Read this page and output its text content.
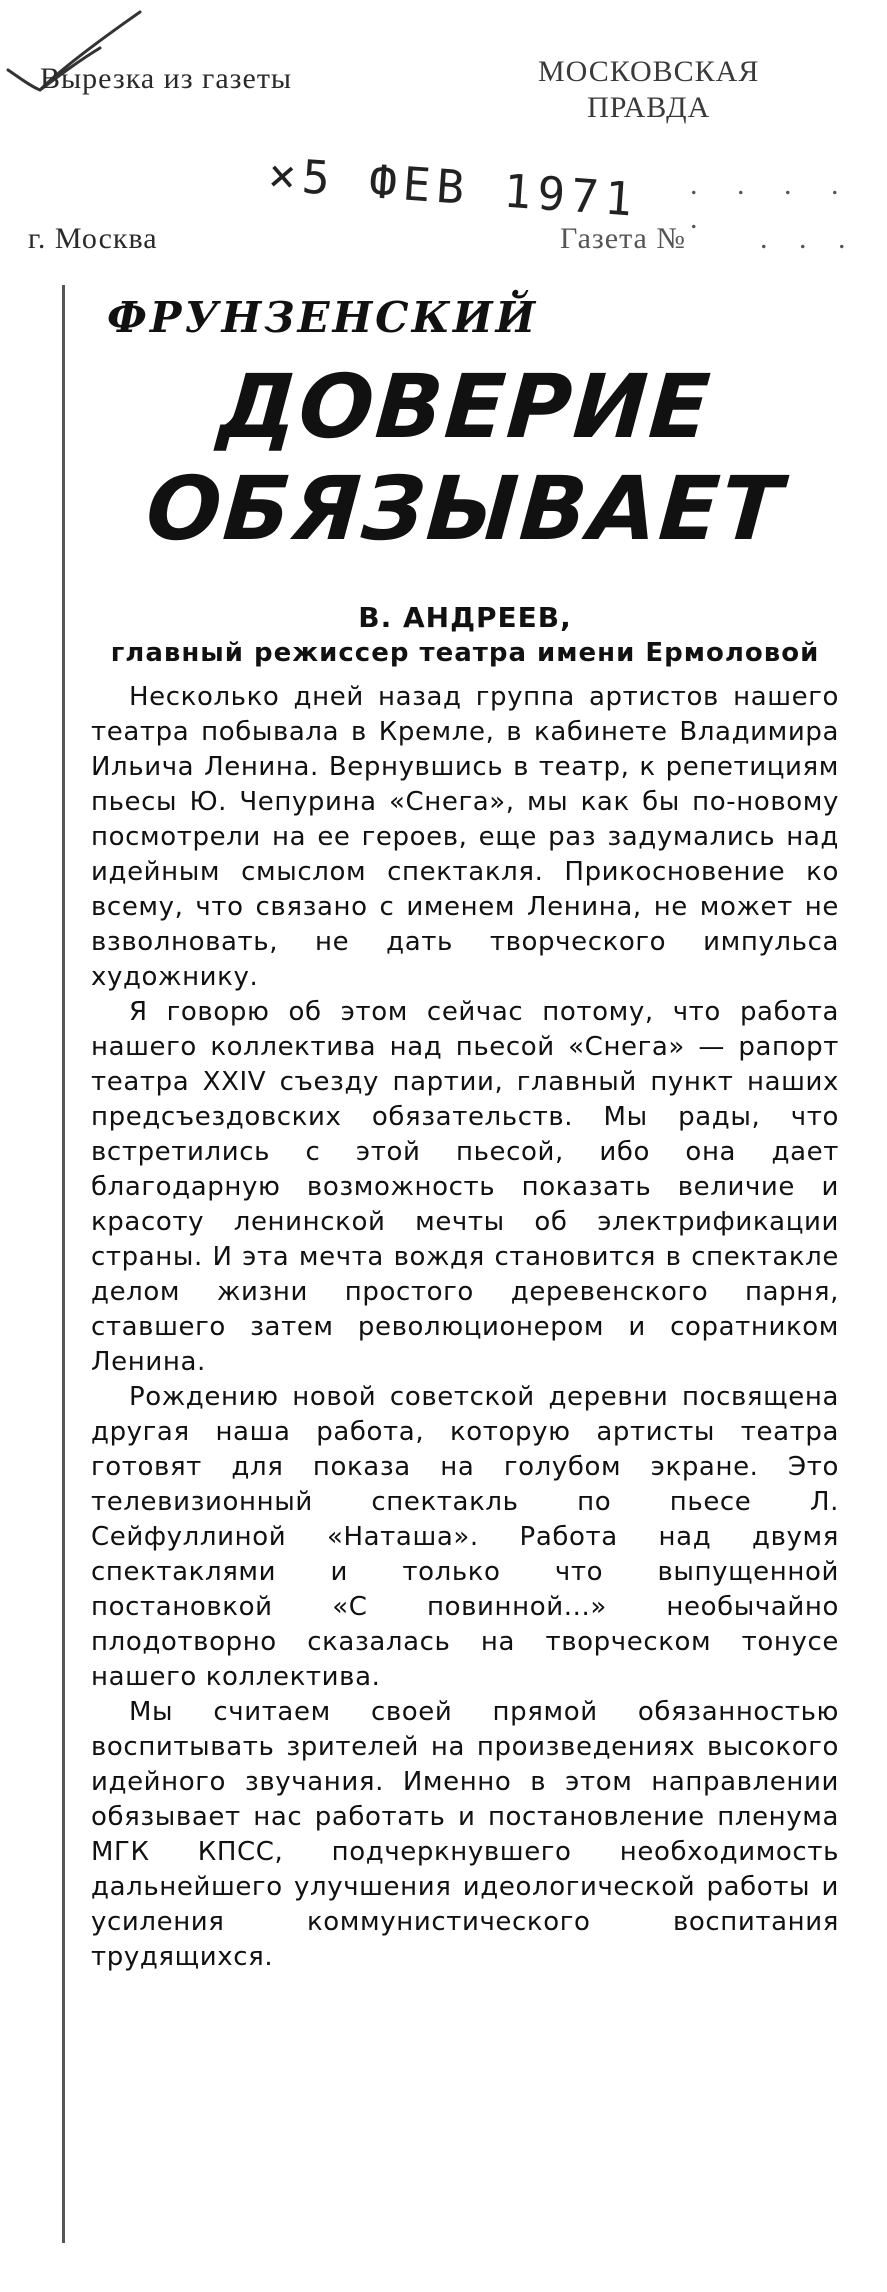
Вырезка из газеты	МОСКОВСКАЯ
ПРАВДА
×5 ФЕВ 1971 . . . . .
г. Москва	Газета № . . .
ФРУНЗЕНСКИЙ
ДОВЕРИЕ
ОБЯЗЫВАЕТ
В. АНДРЕЕВ,
главный режиссер театра имени Ермоловой

Несколько дней назад группа артистов нашего театра побывала в Кремле, в кабинете Владимира Ильича Ленина. Вернувшись в театр, к репетициям пьесы Ю. Чепурина «Снега», мы как бы по-новому посмотрели на ее героев, еще раз задумались над идейным смыслом спектакля. Прикосновение ко всему, что связано с именем Ленина, не может не взволновать, не дать творческого импульса художнику.

Я говорю об этом сейчас потому, что работа нашего коллектива над пьесой «Снега» — рапорт театра XXIV съезду партии, главный пункт наших предсъездовских обязательств. Мы рады, что встретились с этой пьесой, ибо она дает благодарную возможность показать величие и красоту ленинской мечты об электрификации страны. И эта мечта вождя становится в спектакле делом жизни простого деревенского парня, ставшего затем революционером и соратником Ленина.

Рождению новой советской деревни посвящена другая наша работа, которую артисты театра готовят для показа на голубом экране. Это телевизионный спектакль по пьесе Л. Сейфуллиной «Наташа». Работа над двумя спектаклями и только что выпущенной постановкой «С повинной...» необычайно плодотворно сказалась на творческом тонусе нашего коллектива.

Мы считаем своей прямой обязанностью воспитывать зрителей на произведениях высокого идейного звучания. Именно в этом направлении обязывает нас работать и постановление пленума МГК КПСС, подчеркнувшего необходимость дальнейшего улучшения идеологической работы и усиления коммунистического воспитания трудящихся.
